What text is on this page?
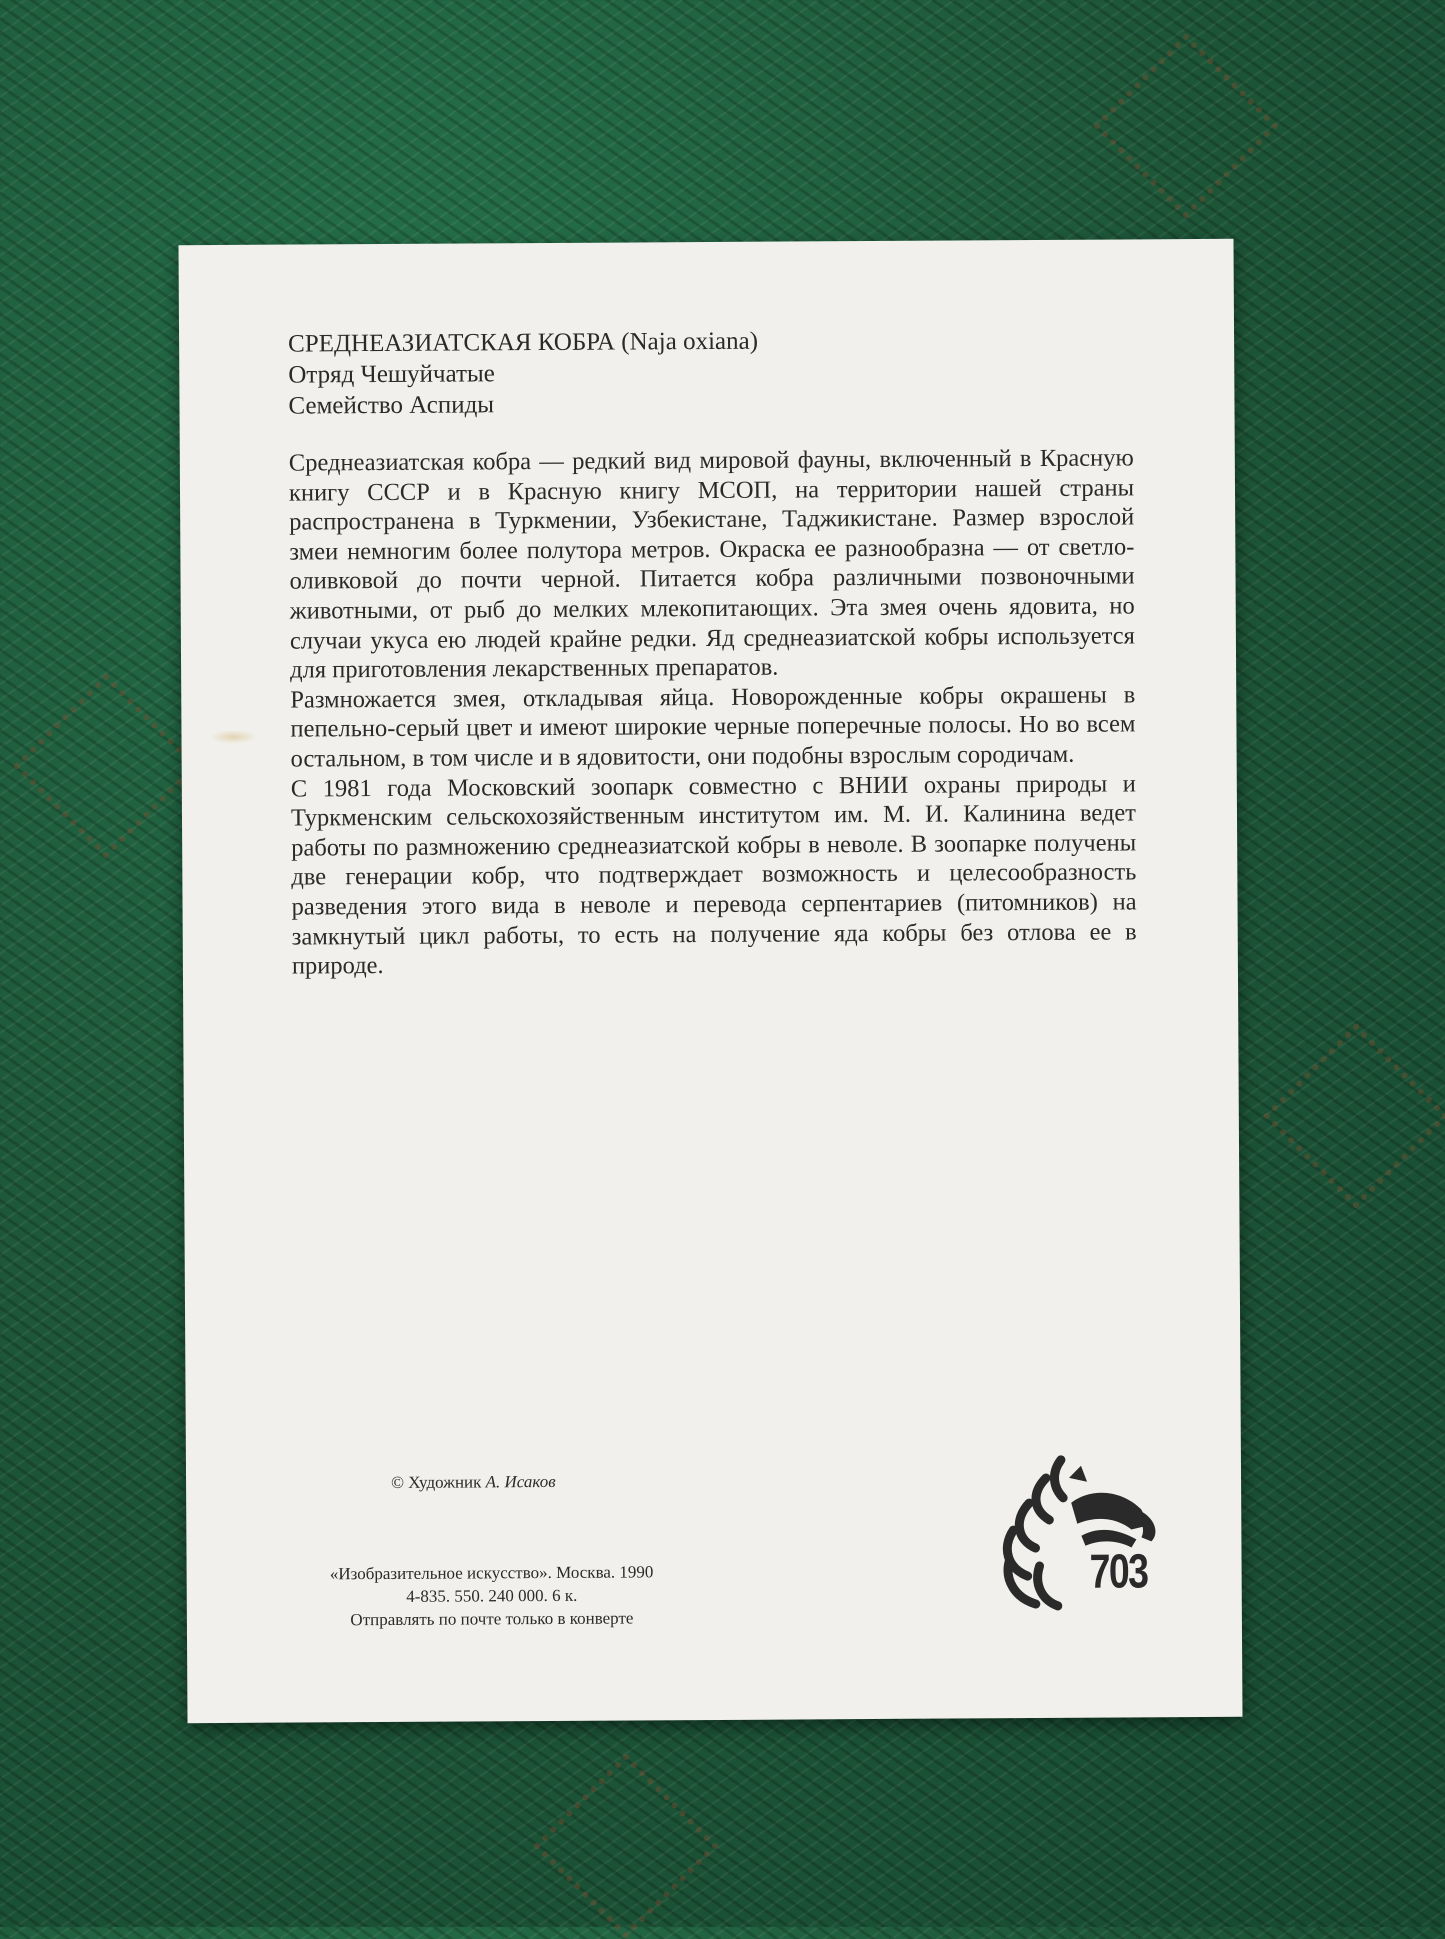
СРЕДНЕАЗИАТСКАЯ КОБРА (Naja oxiana)
Отряд Чешуйчатые
Семейство Аспиды

Среднеазиатская кобра — редкий вид мировой фауны, включенный в Красную книгу СССР и в Красную книгу МСОП, на территории нашей страны распространена в Туркмении, Узбекистане, Таджикистане. Размер взрослой змеи немногим более полутора метров. Окраска ее разнообразна — от светло-оливковой до почти черной. Питается кобра различными позвоночными животными, от рыб до мелких млекопитающих. Эта змея очень ядовита, но случаи укуса ею людей крайне редки. Яд среднеазиатской кобры используется для приготовления лекарственных препаратов.

Размножается змея, откладывая яйца. Новорожденные кобры окрашены в пепельно-серый цвет и имеют широкие черные поперечные полосы. Но во всем остальном, в том числе и в ядовитости, они подобны взрослым сородичам.

С 1981 года Московский зоопарк совместно с ВНИИ охраны природы и Туркменским сельскохозяйственным институтом им. М. И. Калинина ведет работы по размножению среднеазиатской кобры в неволе. В зоопарке получены две генерации кобр, что подтверждает возможность и целесообразность разведения этого вида в неволе и перевода серпентариев (питомников) на замкнутый цикл работы, то есть на получение яда кобры без отлова ее в природе.

© Художник А. Исаков
«Изобразительное искусство». Москва. 1990
4-835. 550. 240 000. 6 к.
Отправлять по почте только в конверте
703
